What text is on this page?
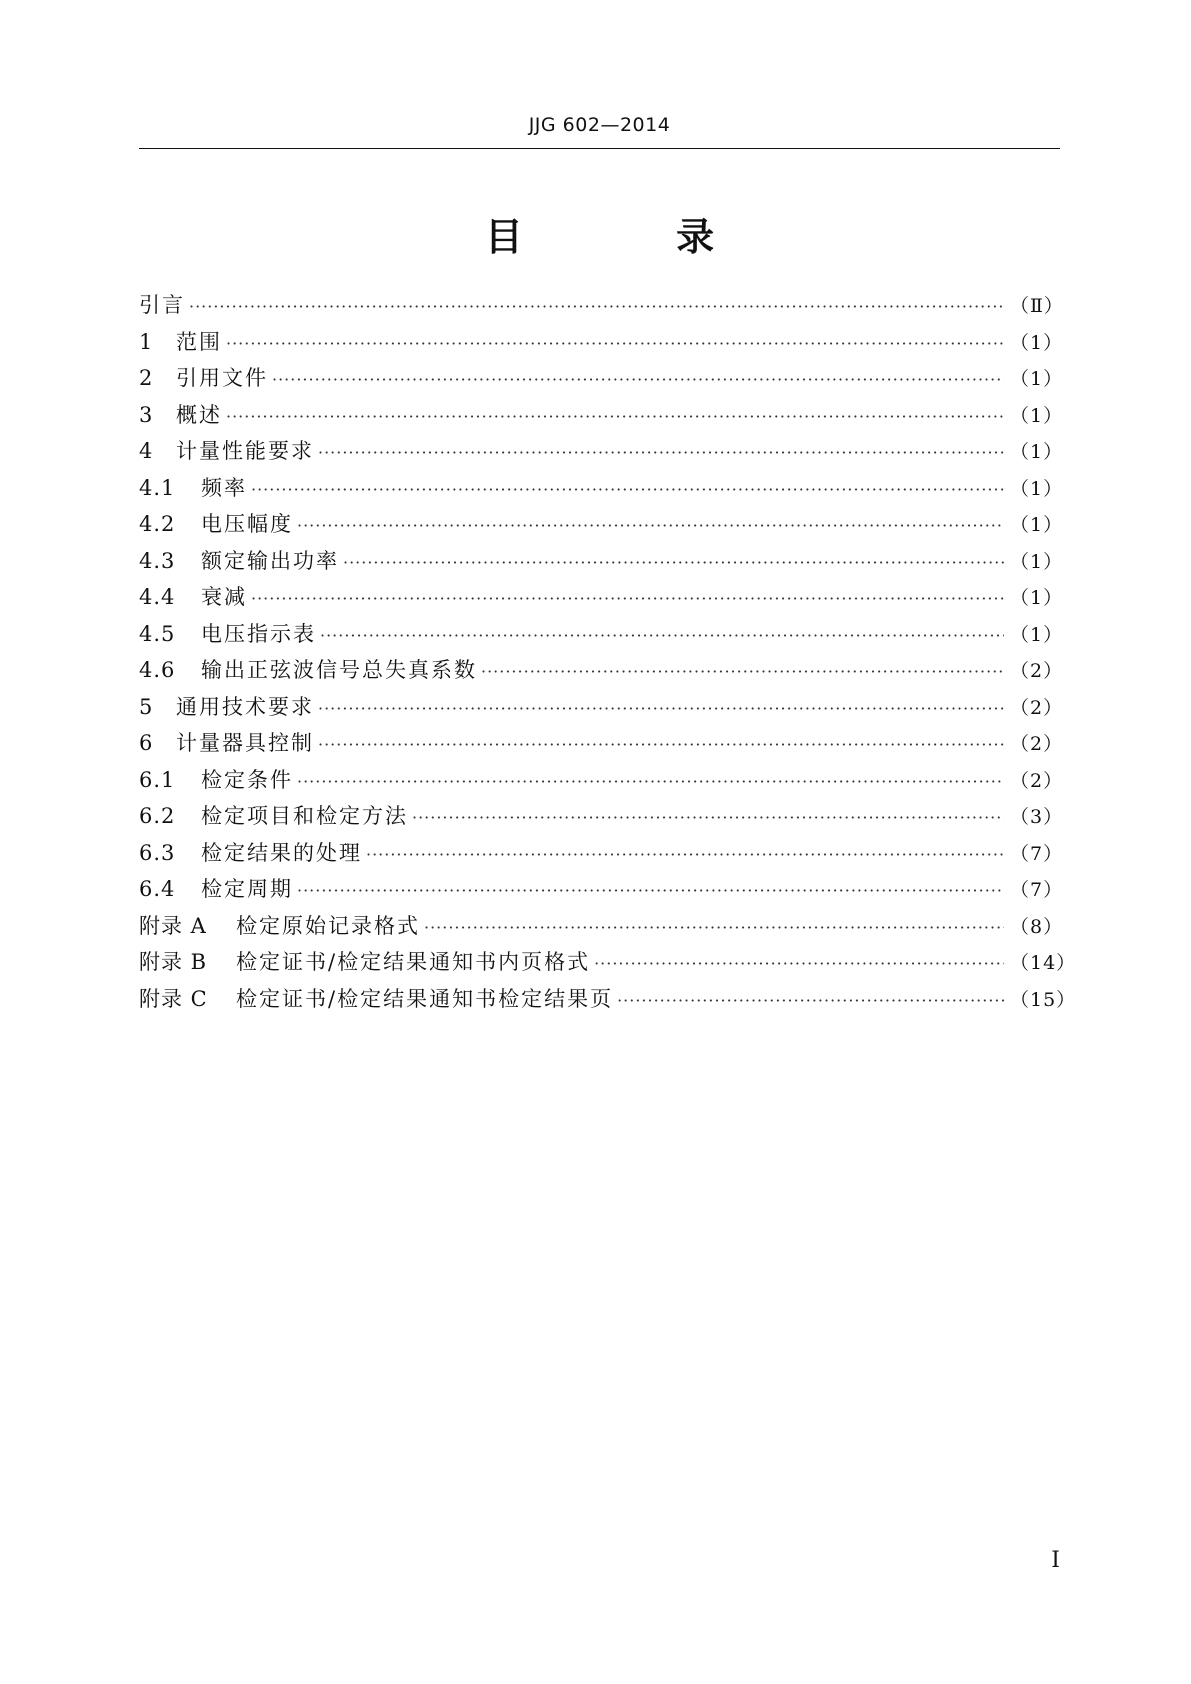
JJG 602—2014
目 录
引言 ·····	（Ⅱ）
1	范围 ·····	（1）
2	引用文件 ·····	（1）
3	概述 ·····	（1）
4	计量性能要求 ·····	（1）
4.1	频率 ·····	（1）
4.2	电压幅度 ·····	（1）
4.3	额定输出功率 ·····	（1）
4.4	衰减 ·····	（1）
4.5	电压指示表 ·····	（1）
4.6	输出正弦波信号总失真系数 ·····	（2）
5	通用技术要求 ·····	（2）
6	计量器具控制 ·····	（2）
6.1	检定条件 ·····	（2）
6.2	检定项目和检定方法 ·····	（3）
6.3	检定结果的处理 ·····	（7）
6.4	检定周期 ·····	（7）
附录 A	检定原始记录格式 ·····	（8）
附录 B	检定证书/检定结果通知书内页格式 ·····	（14）
附录 C	检定证书/检定结果通知书检定结果页 ·····	（15）
I
